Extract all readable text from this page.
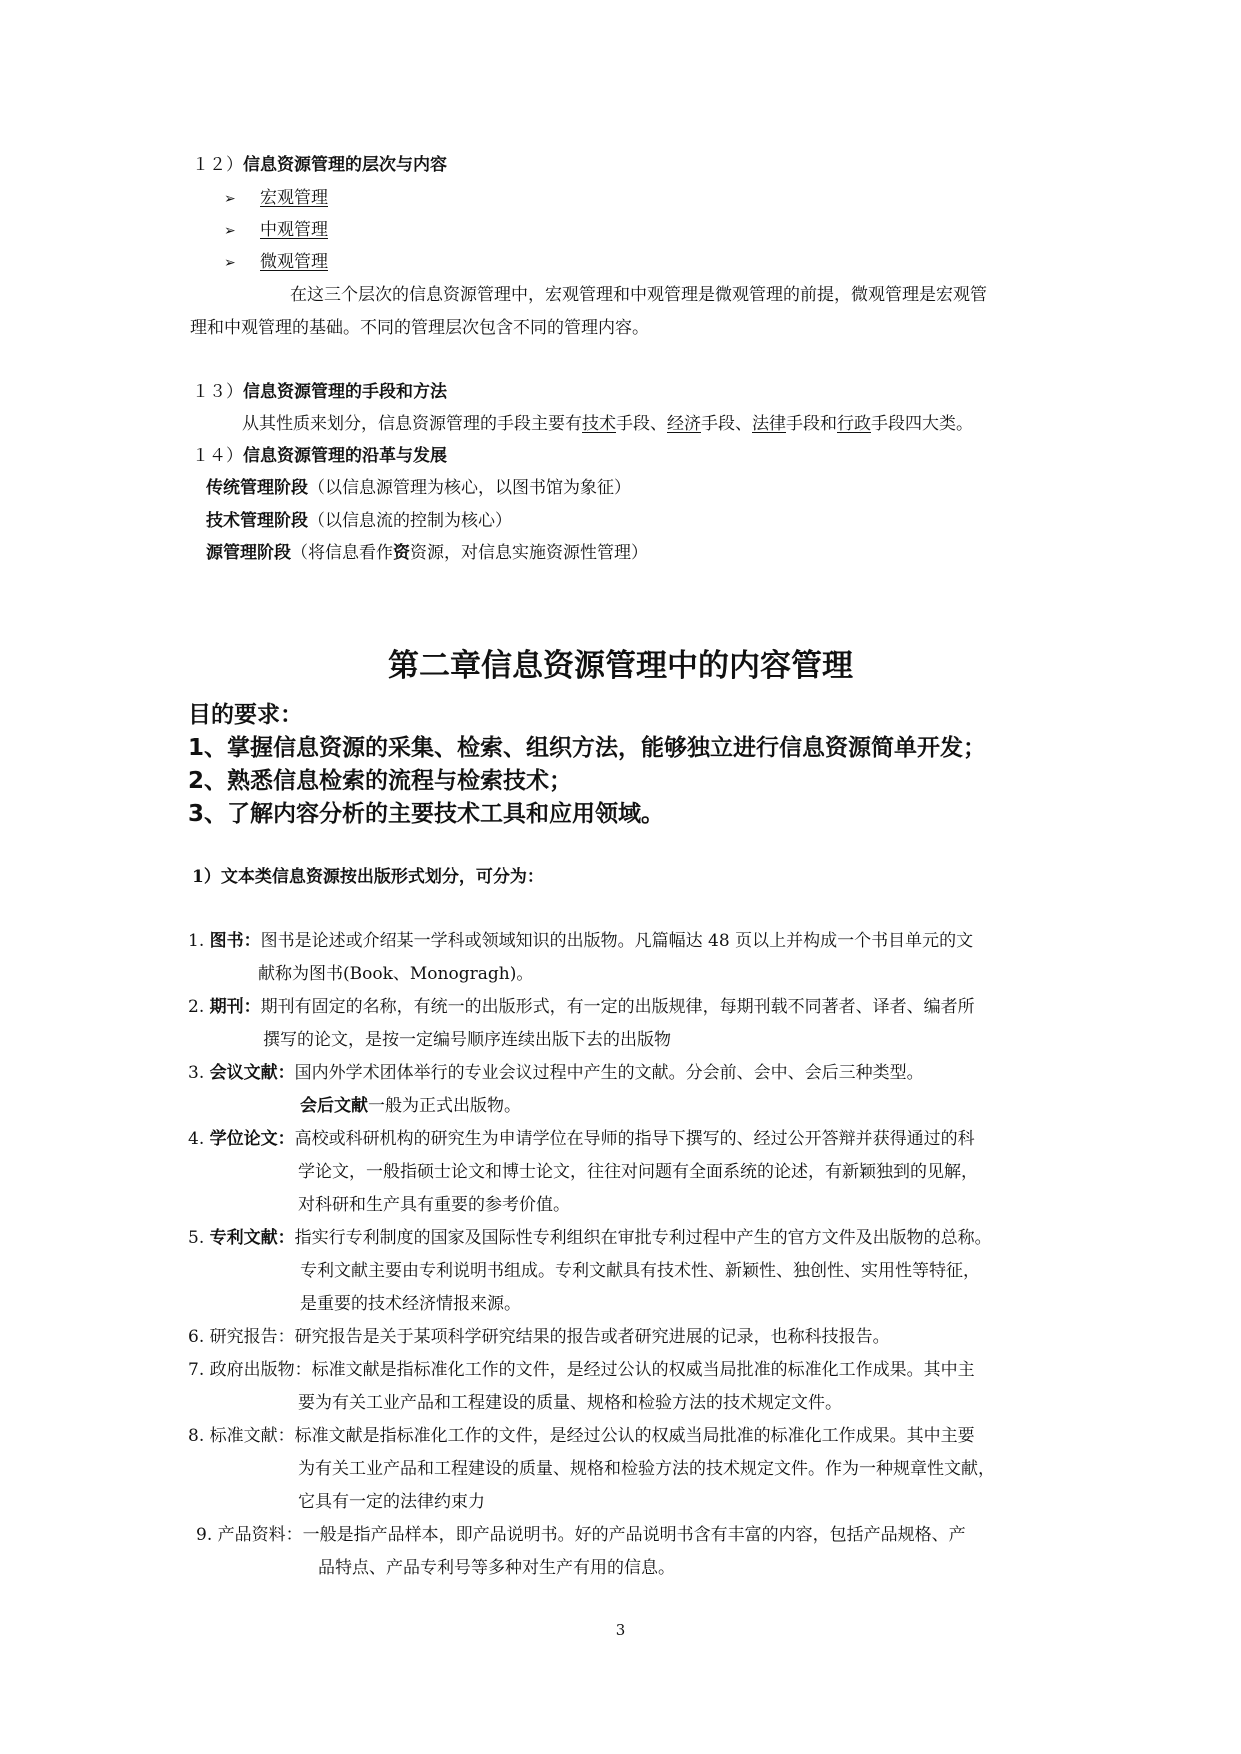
１２）信息资源管理的层次与内容
➢ 宏观管理
➢ 中观管理
➢ 微观管理
在这三个层次的信息资源管理中，宏观管理和中观管理是微观管理的前提，微观管理是宏观管
理和中观管理的基础。不同的管理层次包含不同的管理内容。
１３）信息资源管理的手段和方法
从其性质来划分，信息资源管理的手段主要有技术手段、经济手段、法律手段和行政手段四大类。
１４）信息资源管理的沿革与发展
传统管理阶段（以信息源管理为核心，以图书馆为象征）
技术管理阶段（以信息流的控制为核心）
源管理阶段（将信息看作资资源，对信息实施资源性管理）
第二章信息资源管理中的内容管理
目的要求：
1、掌握信息资源的采集、检索、组织方法，能够独立进行信息资源简单开发；
2、熟悉信息检索的流程与检索技术；
3、了解内容分析的主要技术工具和应用领域。
1）文本类信息资源按出版形式划分，可分为：
1. 图书：图书是论述或介绍某一学科或领域知识的出版物。凡篇幅达 48 页以上并构成一个书目单元的文
献称为图书(Book、Monogragh)。
2. 期刊：期刊有固定的名称，有统一的出版形式，有一定的出版规律，每期刊载不同著者、译者、编者所
撰写的论文，是按一定编号顺序连续出版下去的出版物
3. 会议文献：国内外学术团体举行的专业会议过程中产生的文献。分会前、会中、会后三种类型。
会后文献一般为正式出版物。
4. 学位论文：高校或科研机构的研究生为申请学位在导师的指导下撰写的、经过公开答辩并获得通过的科
学论文，一般指硕士论文和博士论文，往往对问题有全面系统的论述，有新颖独到的见解，
对科研和生产具有重要的参考价值。
5. 专利文献：指实行专利制度的国家及国际性专利组织在审批专利过程中产生的官方文件及出版物的总称。
专利文献主要由专利说明书组成。专利文献具有技术性、新颖性、独创性、实用性等特征，
是重要的技术经济情报来源。
6. 研究报告：研究报告是关于某项科学研究结果的报告或者研究进展的记录，也称科技报告。
7. 政府出版物：标准文献是指标准化工作的文件，是经过公认的权威当局批准的标准化工作成果。其中主
要为有关工业产品和工程建设的质量、规格和检验方法的技术规定文件。
8. 标准文献：标准文献是指标准化工作的文件，是经过公认的权威当局批准的标准化工作成果。其中主要
为有关工业产品和工程建设的质量、规格和检验方法的技术规定文件。作为一种规章性文献，
它具有一定的法律约束力
9. 产品资料：一般是指产品样本，即产品说明书。好的产品说明书含有丰富的内容，包括产品规格、产
品特点、产品专利号等多种对生产有用的信息。
3
